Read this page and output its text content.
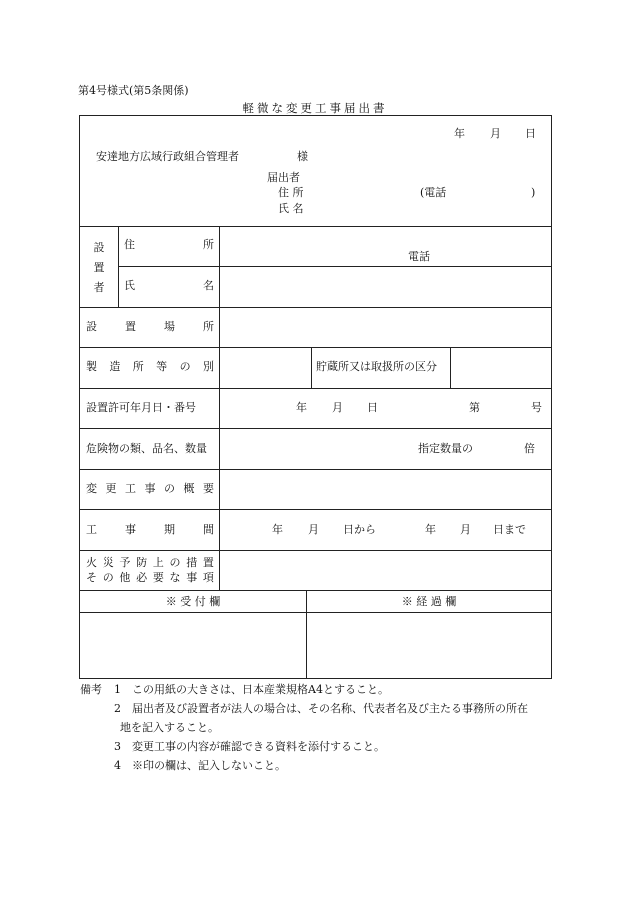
第4号様式(第5条関係)
軽微な変更工事届出書
年 月 日
安達地方広域行政組合管理者	様
届出者
住 所	(電話	)
氏 名
設置者
住	所
電話
氏	名
設	置	場	所
製 造 所 等 の 別	貯蔵所又は取扱所の区分
設置許可年月日・番号	年 月 日	第	号
危険物の類、品名、数量	指定数量の	倍
変 更 工 事 の 概 要
工	事	期	間	年 月 日から	年 月 日まで
火 災 予 防 上 の 措 置
そ の 他 必 要 な 事 項
※ 受 付 欄	※ 経 過 欄
備考 1 この用紙の大きさは、日本産業規格A4とすること。
2 届出者及び設置者が法人の場合は、その名称、代表者名及び主たる事務所の所在
地を記入すること。
3 変更工事の内容が確認できる資料を添付すること。
4 ※印の欄は、記入しないこと。
